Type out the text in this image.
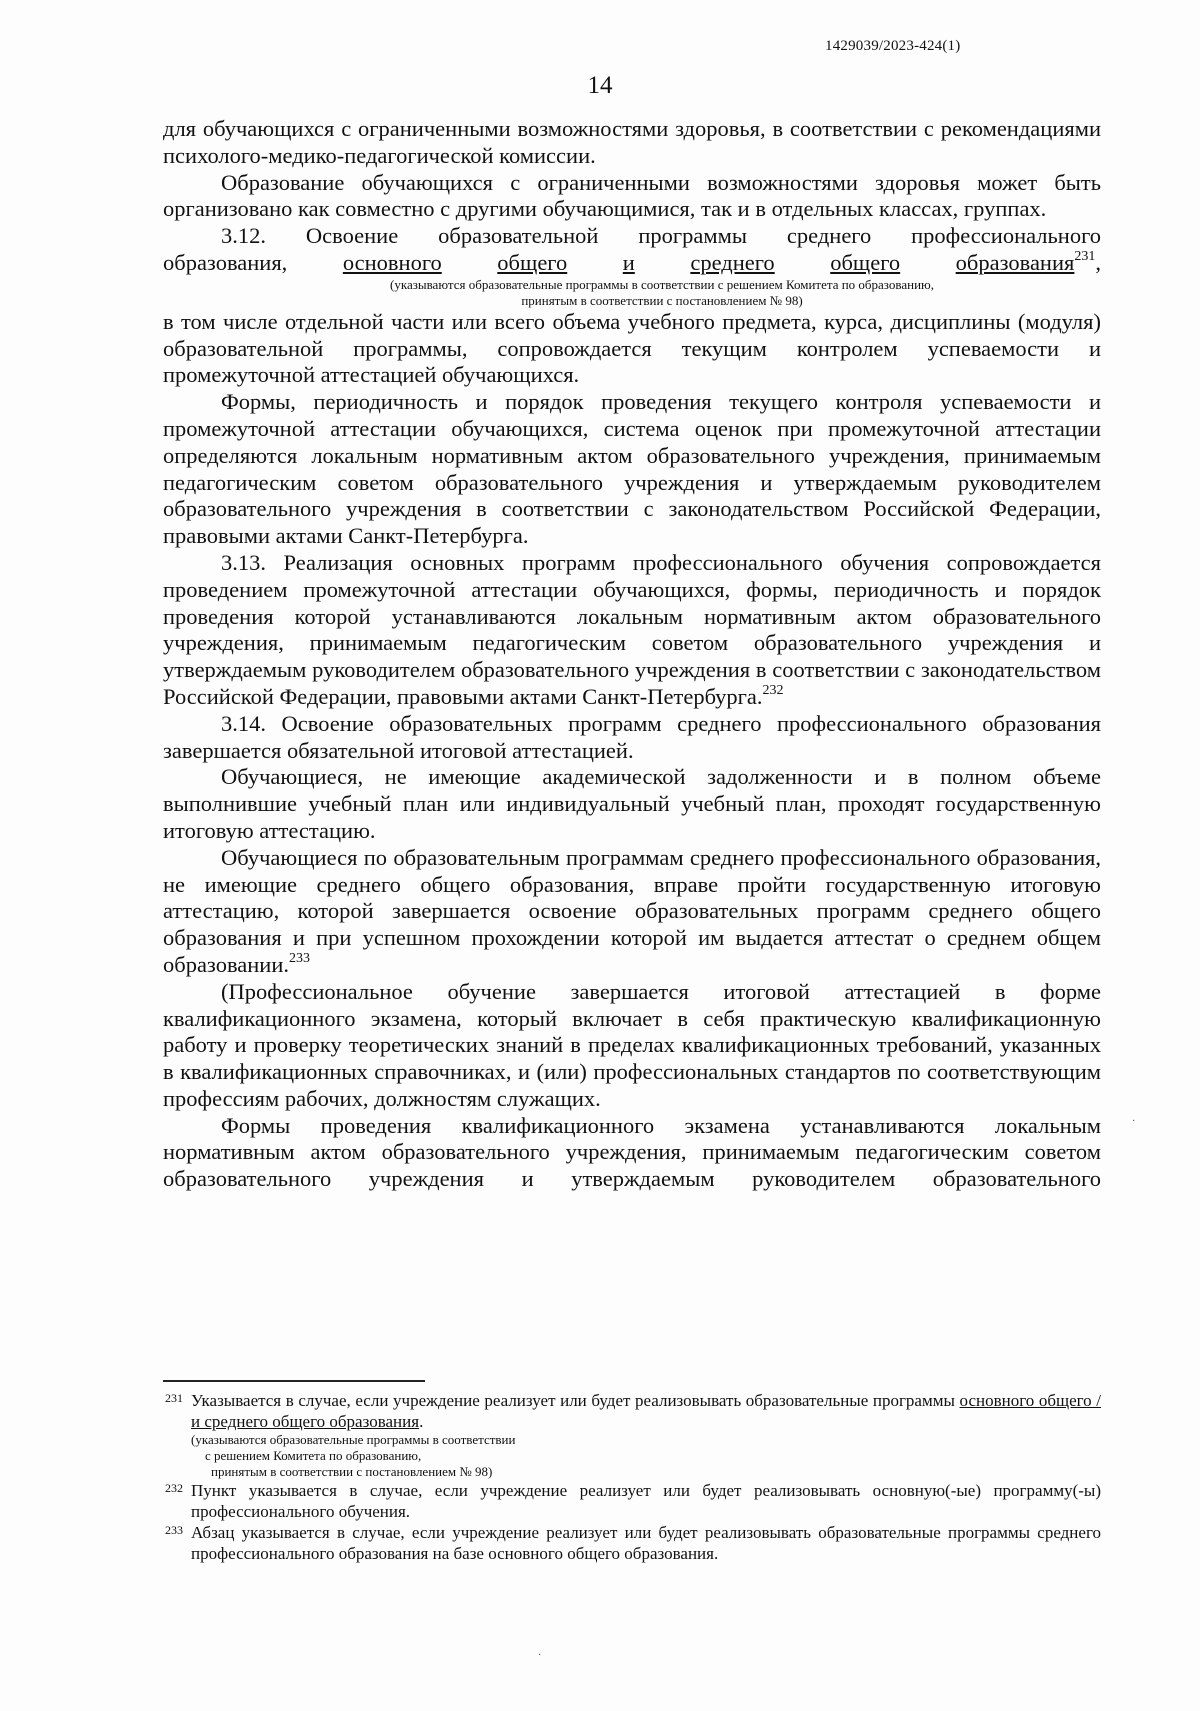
1429039/2023-424(1)
14

для обучающихся с ограниченными возможностями здоровья, в соответствии с рекомендациями психолого-медико-педагогической комиссии.

Образование обучающихся с ограниченными возможностями здоровья может быть организовано как совместно с другими обучающимися, так и в отдельных классах, группах.

3.12. Освоение образовательной программы среднего профессионального

образования, основного общего и среднего общего образования$^{231}$,
(указываются образовательные программы в соответствии с решением Комитета по образованию,
принятым в соответствии с постановлением № 98)

в том числе отдельной части или всего объема учебного предмета, курса, дисциплины (модуля) образовательной программы, сопровождается текущим контролем успеваемости и промежуточной аттестацией обучающихся.

Формы, периодичность и порядок проведения текущего контроля успеваемости и промежуточной аттестации обучающихся, система оценок при промежуточной аттестации определяются локальным нормативным актом образовательного учреждения, принимаемым педагогическим советом образовательного учреждения и утверждаемым руководителем образовательного учреждения в соответствии с законодательством Российской Федерации, правовыми актами Санкт-Петербурга.

3.13. Реализация основных программ профессионального обучения сопровождается проведением промежуточной аттестации обучающихся, формы, периодичность и порядок проведения которой устанавливаются локальным нормативным актом образовательного учреждения, принимаемым педагогическим советом образовательного учреждения и утверждаемым руководителем образовательного учреждения в соответствии с законодательством Российской Федерации, правовыми актами Санкт-Петербурга.$^{232}$

3.14. Освоение образовательных программ среднего профессионального образования завершается обязательной итоговой аттестацией.

Обучающиеся, не имеющие академической задолженности и в полном объеме выполнившие учебный план или индивидуальный учебный план, проходят государственную итоговую аттестацию.

Обучающиеся по образовательным программам среднего профессионального образования, не имеющие среднего общего образования, вправе пройти государственную итоговую аттестацию, которой завершается освоение образовательных программ среднего общего образования и при успешном прохождении которой им выдается аттестат о среднем общем образовании.$^{233}$

(Профессиональное обучение завершается итоговой аттестацией в форме квалификационного экзамена, который включает в себя практическую квалификационную работу и проверку теоретических знаний в пределах квалификационных требований, указанных в квалификационных справочниках, и (или) профессиональных стандартов по соответствующим профессиям рабочих, должностям служащих.

Формы проведения квалификационного экзамена устанавливаются локальным нормативным актом образовательного учреждения, принимаемым педагогическим советом образовательного учреждения и утверждаемым руководителем образовательного

231 Указывается в случае, если учреждение реализует или будет реализовывать образовательные программы основного общего /и среднего общего образования.

(указываются образовательные программы в соответствии
с решением Комитета по образованию,
принятым в соответствии с постановлением № 98)

232 Пункт указывается в случае, если учреждение реализует или будет реализовывать основную(-ые) программу(-ы) профессионального обучения.

233 Абзац указывается в случае, если учреждение реализует или будет реализовывать образовательные программы среднего профессионального образования на базе основного общего образования.

·
·
